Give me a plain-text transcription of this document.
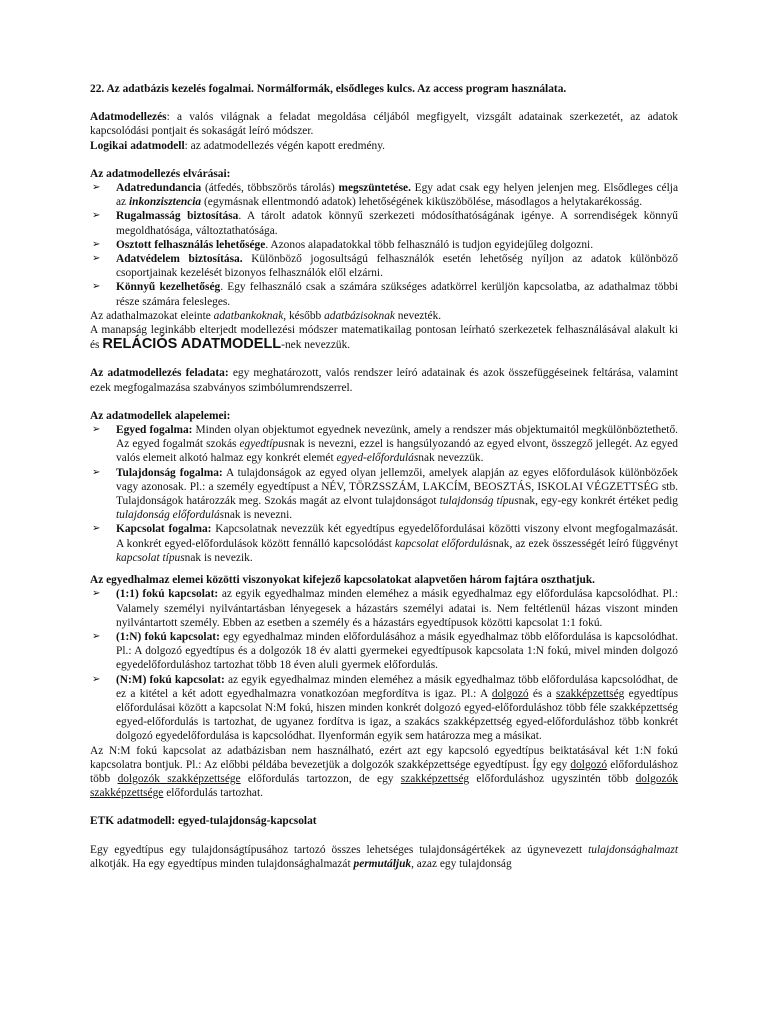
22. Az adatbázis kezelés fogalmai. Normálformák, elsődleges kulcs. Az access program használata.

Adatmodellezés: a valós világnak a feladat megoldása céljából megfigyelt, vizsgált adatainak szerkezetét, az adatok kapcsolódási pontjait és sokaságát leíró módszer.

Logikai adatmodell: az adatmodellezés végén kapott eredmény.

Az adatmodellezés elvárásai:

➢ Adatredundancia (átfedés, többszörös tárolás) megszüntetése. Egy adat csak egy helyen jelenjen meg. Elsődleges célja az inkonzisztencia (egymásnak ellentmondó adatok) lehetőségének kiküszöbölése, másodlagos a helytakarékosság.
➢ Rugalmasság biztosítása. A tárolt adatok könnyű szerkezeti módosíthatóságának igénye. A sorrendiségek könnyű megoldhatósága, változtathatósága.
➢ Osztott felhasználás lehetősége. Azonos alapadatokkal több felhasználó is tudjon egyidejűleg dolgozni.
➢ Adatvédelem biztosítása. Különböző jogosultságú felhasználók esetén lehetőség nyíljon az adatok különböző csoportjainak kezelését bizonyos felhasználók elől elzárni.
➢ Könnyű kezelhetőség. Egy felhasználó csak a számára szükséges adatkörrel kerüljön kapcsolatba, az adathalmaz többi része számára felesleges.

Az adathalmazokat eleinte adatbankoknak, később adatbázisoknak nevezték.

A manapság leginkább elterjedt modellezési módszer matematikailag pontosan leírható szerkezetek felhasználásával alakult ki és RELÁCIÓS ADATMODELL-nek nevezzük.

Az adatmodellezés feladata: egy meghatározott, valós rendszer leíró adatainak és azok összefüggéseinek feltárása, valamint ezek megfogalmazása szabványos szimbólumrendszerrel.

Az adatmodellek alapelemei:

➢ Egyed fogalma: Minden olyan objektumot egyednek nevezünk, amely a rendszer más objektumaitól megkülönböztethető. Az egyed fogalmát szokás egyedtípusnak is nevezni, ezzel is hangsúlyozandó az egyed elvont, összegző jellegét. Az egyed valós elemeit alkotó halmaz egy konkrét elemét egyed-előfordulásnak nevezzük.
➢ Tulajdonság fogalma: A tulajdonságok az egyed olyan jellemzői, amelyek alapján az egyes előfordulások különbözőek vagy azonosak. Pl.: a személy egyedtípust a NÉV, TÖRZSSZÁM, LAKCÍM, BEOSZTÁS, ISKOLAI VÉGZETTSÉG stb. Tulajdonságok határozzák meg. Szokás magát az elvont tulajdonságot tulajdonság típusnak, egy-egy konkrét értéket pedig tulajdonság előfordulásnak is nevezni.
➢ Kapcsolat fogalma: Kapcsolatnak nevezzük két egyedtípus egyedelőfordulásai közötti viszony elvont megfogalmazását. A konkrét egyed-előfordulások között fennálló kapcsolódást kapcsolat előfordulásnak, az ezek összességét leíró függvényt kapcsolat típusnak is nevezik.

Az egyedhalmaz elemei közötti viszonyokat kifejező kapcsolatokat alapvetően három fajtára oszthatjuk.

➢ (1:1) fokú kapcsolat: az egyik egyedhalmaz minden eleméhez a másik egyedhalmaz egy előfordulása kapcsolódhat. Pl.: Valamely személyi nyilvántartásban lényegesek a házastárs személyi adatai is. Nem feltétlenül házas viszont minden nyilvántartott személy. Ebben az esetben a személy és a házastárs egyedtípusok közötti kapcsolat 1:1 fokú.
➢ (1:N) fokú kapcsolat: egy egyedhalmaz minden előfordulásához a másik egyedhalmaz több előfordulása is kapcsolódhat. Pl.: A dolgozó egyedtípus és a dolgozók 18 év alatti gyermekei egyedtípusok kapcsolata 1:N fokú, mivel minden dolgozó egyedelőforduláshoz tartozhat több 18 éven aluli gyermek előfordulás.
➢ (N:M) fokú kapcsolat: az egyik egyedhalmaz minden eleméhez a másik egyedhalmaz több előfordulása kapcsolódhat, de ez a kitétel a két adott egyedhalmazra vonatkozóan megfordítva is igaz. Pl.: A dolgozó és a szakképzettség egyedtípus előfordulásai között a kapcsolat N:M fokú, hiszen minden konkrét dolgozó egyed-előforduláshoz több féle szakképzettség egyed-előfordulás is tartozhat, de ugyanez fordítva is igaz, a szakács szakképzettség egyed-előforduláshoz több konkrét dolgozó egyedelőfordulása is kapcsolódhat. Ilyenformán egyik sem határozza meg a másikat.

Az N:M fokú kapcsolat az adatbázisban nem használható, ezért azt egy kapcsoló egyedtípus beiktatásával két 1:N fokú kapcsolatra bontjuk. Pl.: Az előbbi példába bevezetjük a dolgozók szakképzettsége egyedtípust. Így egy dolgozó előforduláshoz több dolgozók szakképzettsége előfordulás tartozzon, de egy szakképzettség előforduláshoz ugyszintén több dolgozók szakképzettsége előfordulás tartozhat.

ETK adatmodell: egyed-tulajdonság-kapcsolat

Egy egyedtípus egy tulajdonságtípusához tartozó összes lehetséges tulajdonságértékek az úgynevezett tulajdonsághalmazt alkotják. Ha egy egyedtípus minden tulajdonsághalmazát permutáljuk, azaz egy tulajdonság
